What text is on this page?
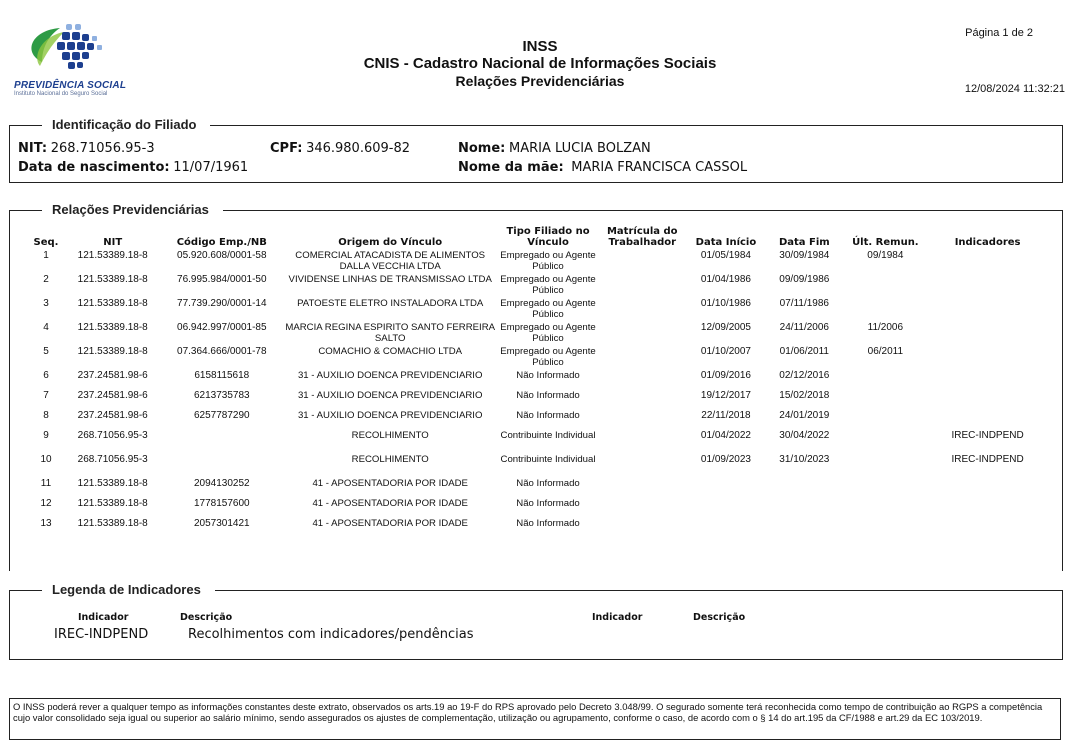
PREVIDÊNCIA SOCIAL
Instituto Nacional do Seguro Social
INSS
CNIS - Cadastro Nacional de Informações Sociais
Relações Previdenciárias
Página 1 de 2
12/08/2024 11:32:21
Identificação do Filiado
NIT: 268.71056.95-3	CPF: 346.980.609-82	Nome: MARIA LUCIA BOLZAN
Data de nascimento: 11/07/1961	Nome da mãe: MARIA FRANCISCA CASSOL
Relações Previdenciárias
Seq.	NIT	Código Emp./NB	Origem do Vínculo	Tipo Filiado no
Vínculo	Matrícula do
Trabalhador	Data Início	Data Fim	Últ. Remun.	Indicadores
1	121.53389.18-8	05.920.608/0001-58	COMERCIAL ATACADISTA DE ALIMENTOS DALLA VECCHIA LTDA	Empregado ou Agente Público		01/05/1984	30/09/1984	09/1984	
2	121.53389.18-8	76.995.984/0001-50	VIVIDENSE LINHAS DE TRANSMISSAO LTDA	Empregado ou Agente Público		01/04/1986	09/09/1986		
3	121.53389.18-8	77.739.290/0001-14	PATOESTE ELETRO INSTALADORA LTDA	Empregado ou Agente Público		01/10/1986	07/11/1986		
4	121.53389.18-8	06.942.997/0001-85	MARCIA REGINA ESPIRITO SANTO FERREIRA SALTO	Empregado ou Agente Público		12/09/2005	24/11/2006	11/2006	
5	121.53389.18-8	07.364.666/0001-78	COMACHIO & COMACHIO LTDA	Empregado ou Agente Público		01/10/2007	01/06/2011	06/2011	
6	237.24581.98-6	6158115618	31 - AUXILIO DOENCA PREVIDENCIARIO	Não Informado		01/09/2016	02/12/2016		
7	237.24581.98-6	6213735783	31 - AUXILIO DOENCA PREVIDENCIARIO	Não Informado		19/12/2017	15/02/2018		
8	237.24581.98-6	6257787290	31 - AUXILIO DOENCA PREVIDENCIARIO	Não Informado		22/11/2018	24/01/2019		
9	268.71056.95-3		RECOLHIMENTO	Contribuinte Individual		01/04/2022	30/04/2022		IREC-INDPEND
10	268.71056.95-3		RECOLHIMENTO	Contribuinte Individual		01/09/2023	31/10/2023		IREC-INDPEND
11	121.53389.18-8	2094130252	41 - APOSENTADORIA POR IDADE	Não Informado					
12	121.53389.18-8	1778157600	41 - APOSENTADORIA POR IDADE	Não Informado					
13	121.53389.18-8	2057301421	41 - APOSENTADORIA POR IDADE	Não Informado					
Legenda de Indicadores
Indicador	Descrição	Indicador	Descrição
IREC-INDPEND	Recolhimentos com indicadores/pendências
O INSS poderá rever a qualquer tempo as informações constantes deste extrato, observados os arts.19 ao 19-F do RPS aprovado pelo Decreto 3.048/99. O segurado somente terá reconhecida como tempo de contribuição ao RGPS a competência cujo valor consolidado seja igual ou superior ao salário mínimo, sendo assegurados os ajustes de complementação, utilização ou agrupamento, conforme o caso, de acordo com o § 14 do art.195 da CF/1988 e art.29 da EC 103/2019.
